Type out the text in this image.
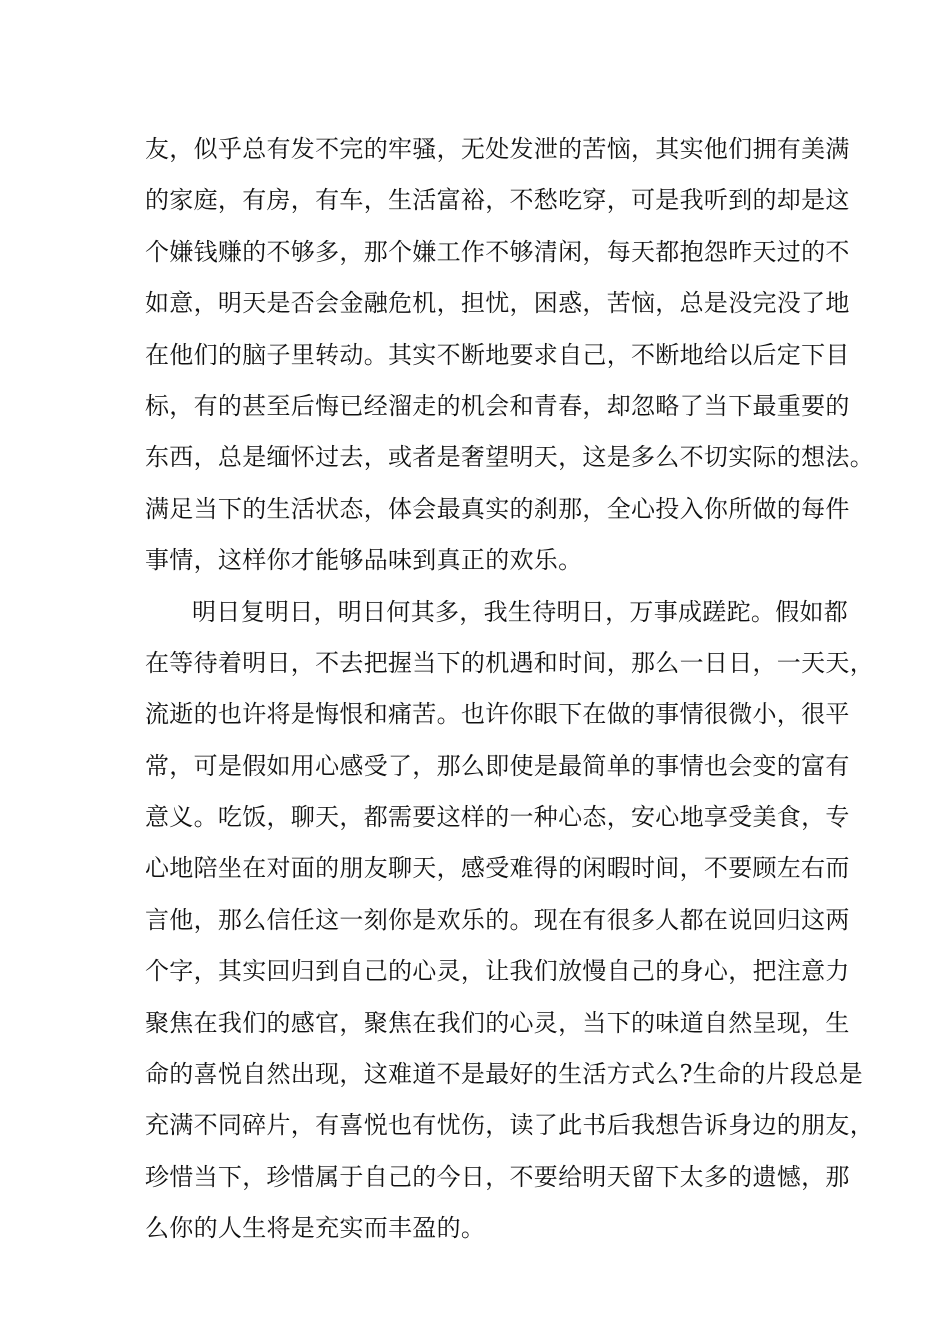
友，似乎总有发不完的牢骚，无处发泄的苦恼，其实他们拥有美满
的家庭，有房，有车，生活富裕，不愁吃穿，可是我听到的却是这
个嫌钱赚的不够多，那个嫌工作不够清闲，每天都抱怨昨天过的不
如意，明天是否会金融危机，担忧，困惑，苦恼，总是没完没了地
在他们的脑子里转动。其实不断地要求自己，不断地给以后定下目
标，有的甚至后悔已经溜走的机会和青春，却忽略了当下最重要的
东西，总是缅怀过去，或者是奢望明天，这是多么不切实际的想法。
满足当下的生活状态，体会最真实的刹那，全心投入你所做的每件
事情，这样你才能够品味到真正的欢乐。
明日复明日，明日何其多，我生待明日，万事成蹉跎。假如都
在等待着明日，不去把握当下的机遇和时间，那么一日日，一天天，
流逝的也许将是悔恨和痛苦。也许你眼下在做的事情很微小，很平
常，可是假如用心感受了，那么即使是最简单的事情也会变的富有
意义。吃饭，聊天，都需要这样的一种心态，安心地享受美食，专
心地陪坐在对面的朋友聊天，感受难得的闲暇时间，不要顾左右而
言他，那么信任这一刻你是欢乐的。现在有很多人都在说回归这两
个字，其实回归到自己的心灵，让我们放慢自己的身心，把注意力
聚焦在我们的感官，聚焦在我们的心灵，当下的味道自然呈现，生
命的喜悦自然出现，这难道不是最好的生活方式么?生命的片段总是
充满不同碎片，有喜悦也有忧伤，读了此书后我想告诉身边的朋友，
珍惜当下，珍惜属于自己的今日，不要给明天留下太多的遗憾，那
么你的人生将是充实而丰盈的。
